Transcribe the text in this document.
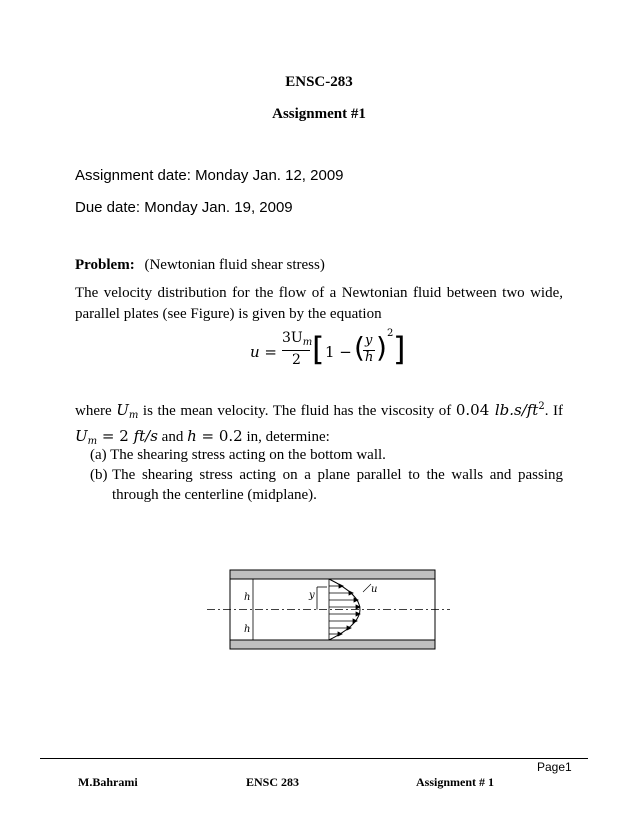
ENSC-283
Assignment #1
Assignment date: Monday Jan. 12, 2009
Due date: Monday Jan. 19, 2009
Problem: (Newtonian fluid shear stress)
The velocity distribution for the flow of a Newtonian fluid between two wide, parallel plates (see Figure) is given by the equation
u =
$3U_m$
2 [ 1 − ( y
h ) 2 ]
where $U_m$ is the mean velocity. The fluid has the viscosity of 0.04 $lb.s/ft^2$. If $U_m = 2$ ft/s and h = 0.2 in, determine:
(a) The shearing stress acting on the bottom wall.
(b) The shearing stress acting on a plane parallel to the walls and passing through the centerline (midplane).
h
h
y
u
Page1
M.Bahrami	ENSC 283	Assignment # 1
